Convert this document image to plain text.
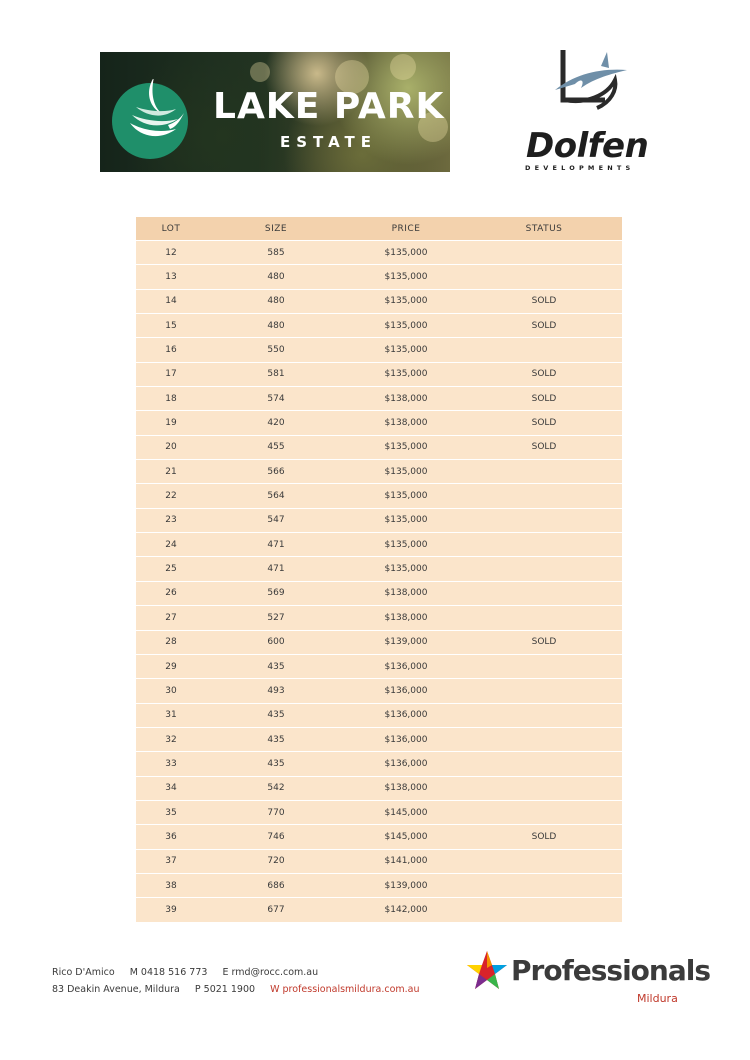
LAKE PARK
ESTATE	Dolfen
DEVELOPMENTS
LOT	SIZE	PRICE	STATUS
12	585	$135,000	
13	480	$135,000	
14	480	$135,000	SOLD
15	480	$135,000	SOLD
16	550	$135,000	
17	581	$135,000	SOLD
18	574	$138,000	SOLD
19	420	$138,000	SOLD
20	455	$135,000	SOLD
21	566	$135,000	
22	564	$135,000	
23	547	$135,000	
24	471	$135,000	
25	471	$135,000	
26	569	$138,000	
27	527	$138,000	
28	600	$139,000	SOLD
29	435	$136,000	
30	493	$136,000	
31	435	$136,000	
32	435	$136,000	
33	435	$136,000	
34	542	$138,000	
35	770	$145,000	
36	746	$145,000	SOLD
37	720	$141,000	
38	686	$139,000	
39	677	$142,000	
Rico D'Amico M 0418 516 773 E rmd@rocc.com.au
83 Deakin Avenue, Mildura P 5021 1900 W professionalsmildura.com.au
Professionals
Mildura
